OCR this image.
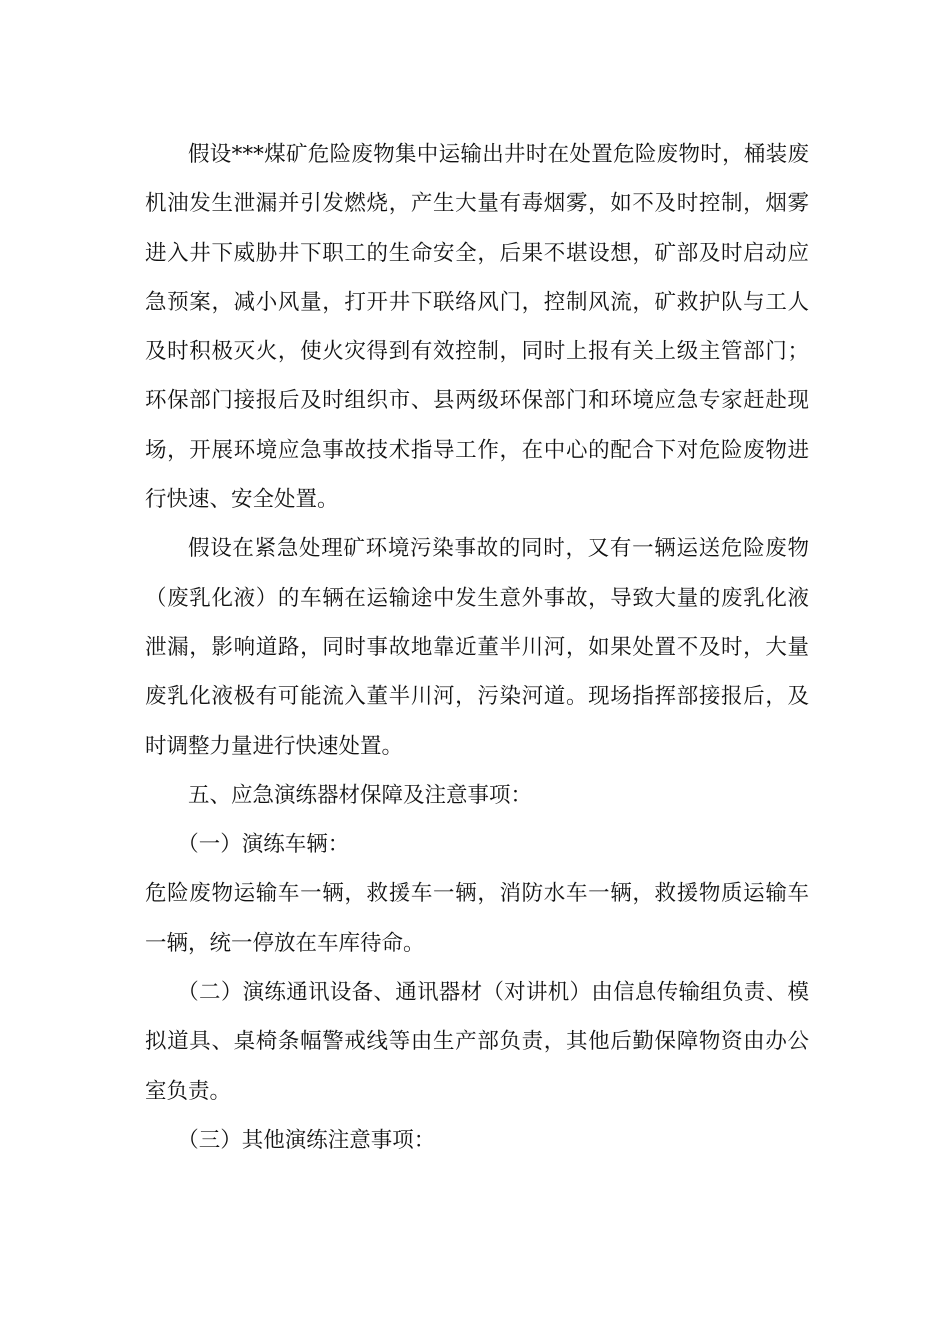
假设***煤矿危险废物集中运输出井时在处置危险废物时，桶装废机油发生泄漏并引发燃烧，产生大量有毒烟雾，如不及时控制，烟雾进入井下威胁井下职工的生命安全，后果不堪设想，矿部及时启动应急预案，减小风量，打开井下联络风门，控制风流，矿救护队与工人及时积极灭火，使火灾得到有效控制，同时上报有关上级主管部门；环保部门接报后及时组织市、县两级环保部门和环境应急专家赶赴现场，开展环境应急事故技术指导工作，在中心的配合下对危险废物进行快速、安全处置。

假设在紧急处理矿环境污染事故的同时，又有一辆运送危险废物（废乳化液）的车辆在运输途中发生意外事故，导致大量的废乳化液泄漏，影响道路，同时事故地靠近董半川河，如果处置不及时，大量废乳化液极有可能流入董半川河，污染河道。现场指挥部接报后，及时调整力量进行快速处置。

五、应急演练器材保障及注意事项：

（一）演练车辆：

危险废物运输车一辆，救援车一辆，消防水车一辆，救援物质运输车一辆，统一停放在车库待命。

（二）演练通讯设备、通讯器材（对讲机）由信息传输组负责、模拟道具、桌椅条幅警戒线等由生产部负责，其他后勤保障物资由办公室负责。

（三）其他演练注意事项：
